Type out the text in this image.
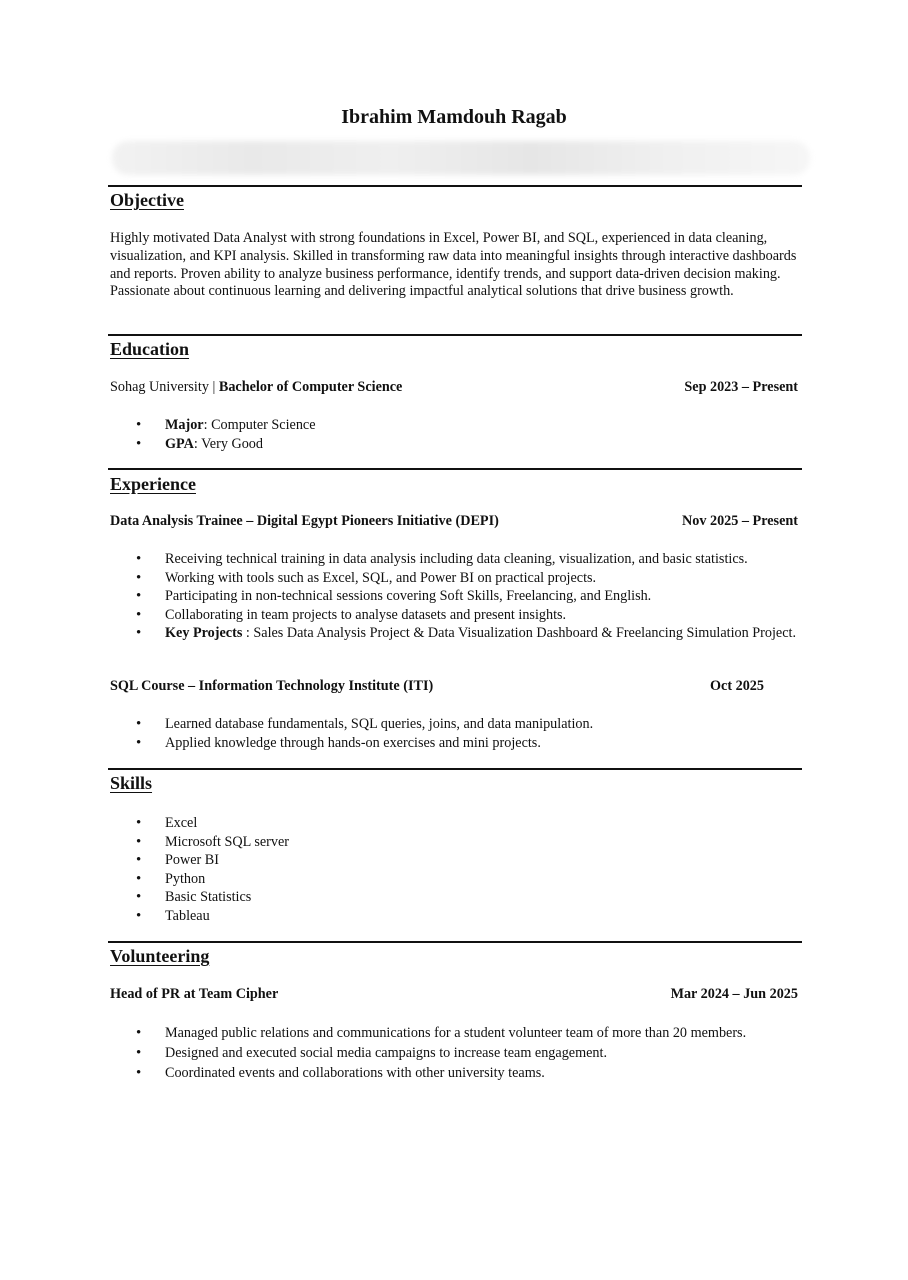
Ibrahim Mamdouh Ragab
Objective

Highly motivated Data Analyst with strong foundations in Excel, Power BI, and SQL, experienced in data cleaning, visualization, and KPI analysis. Skilled in transforming raw data into meaningful insights through interactive dashboards and reports. Proven ability to analyze business performance, identify trends, and support data-driven decision making. Passionate about continuous learning and delivering impactful analytical solutions that drive business growth.

Education
Sohag University | Bachelor of Computer Science	Sep 2023 – Present
• Major: Computer Science
• GPA: Very Good
Experience
Data Analysis Trainee – Digital Egypt Pioneers Initiative (DEPI)	Nov 2025 – Present
• Receiving technical training in data analysis including data cleaning, visualization, and basic statistics.
• Working with tools such as Excel, SQL, and Power BI on practical projects.
• Participating in non-technical sessions covering Soft Skills, Freelancing, and English.
• Collaborating in team projects to analyse datasets and present insights.
• Key Projects : Sales Data Analysis Project & Data Visualization Dashboard & Freelancing Simulation Project.
SQL Course – Information Technology Institute (ITI)	Oct 2025
• Learned database fundamentals, SQL queries, joins, and data manipulation.
• Applied knowledge through hands-on exercises and mini projects.
Skills
• Excel
• Microsoft SQL server
• Power BI
• Python
• Basic Statistics
• Tableau
Volunteering
Head of PR at Team Cipher	Mar 2024 – Jun 2025
• Managed public relations and communications for a student volunteer team of more than 20 members.
• Designed and executed social media campaigns to increase team engagement.
• Coordinated events and collaborations with other university teams.
